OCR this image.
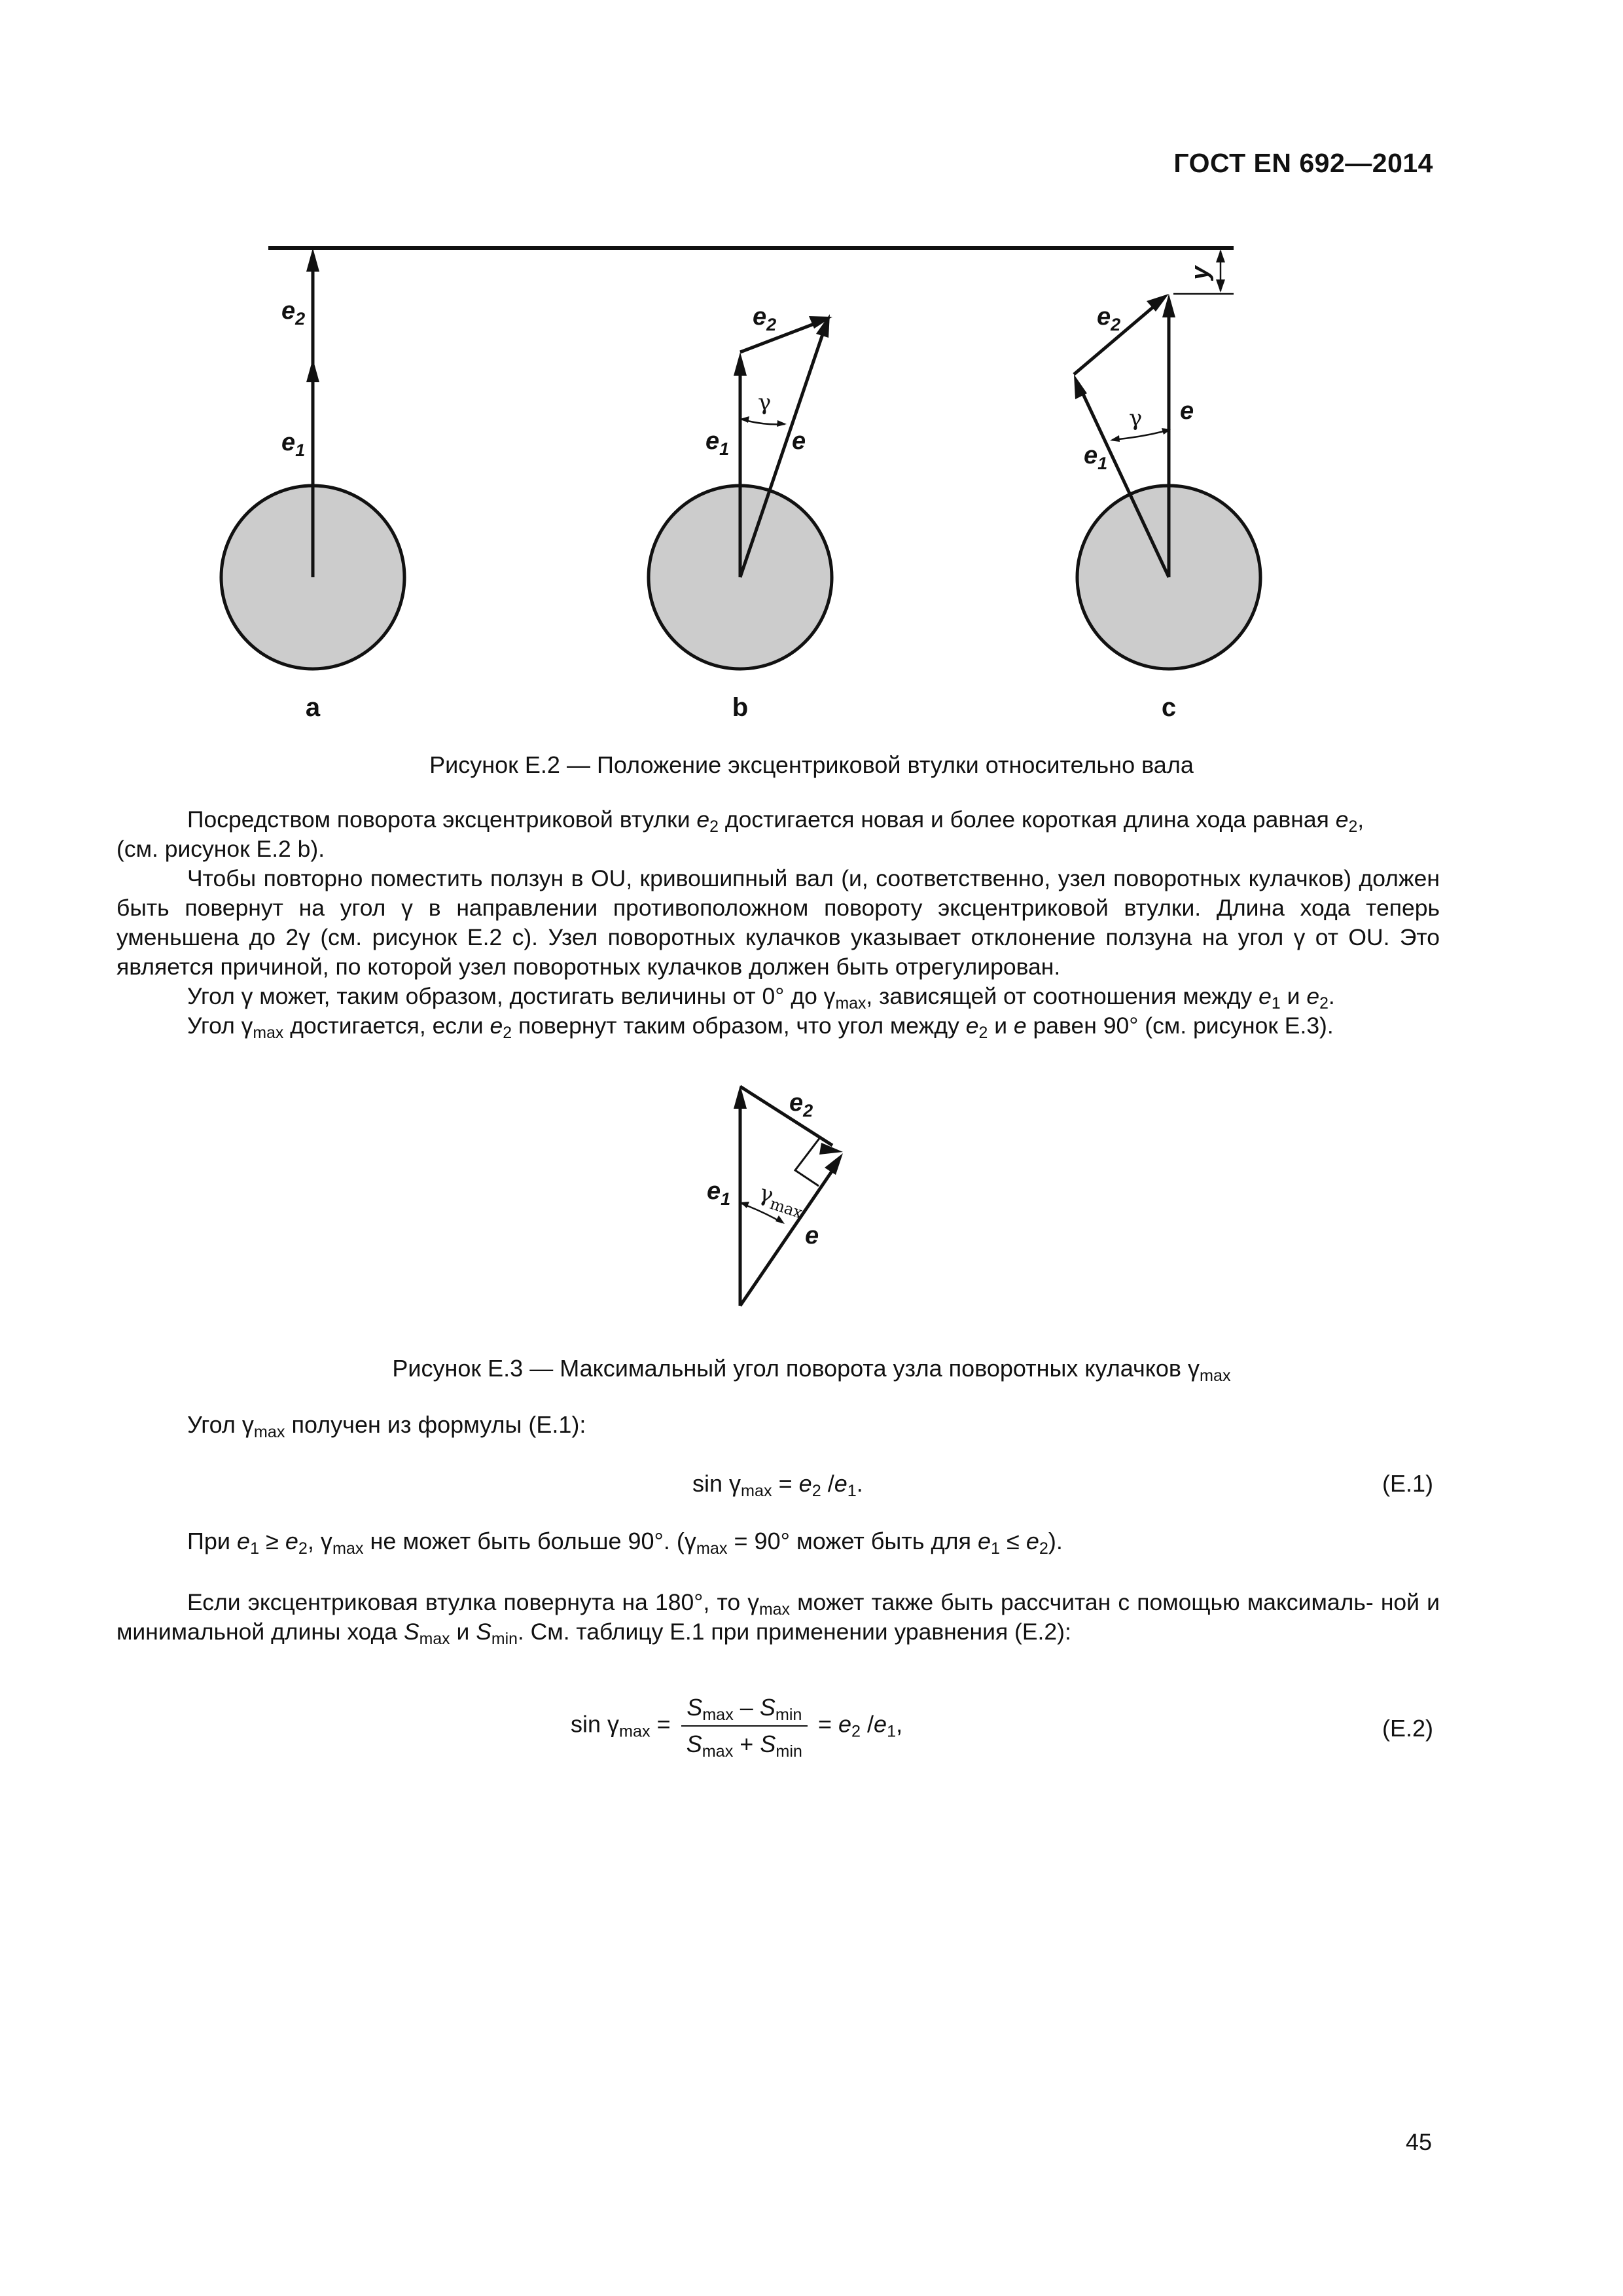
ГОСТ EN 692—2014
y
$e_2$
$e_1$
$e_2$
γ
$e_1$	e
$e_2$
γ e
$e_1$
a	b	c
Рисунок E.2 — Положение эксцентриковой втулки относительно вала

Посредством поворота эксцентриковой втулки $e_2$ достигается новая и более короткая длина хода равная $e_2$,

(см. рисунок E.2 b).

Чтобы повторно поместить ползун в OU, кривошипный вал (и, соответственно, узел поворотных кулачков) должен быть повернут на угол γ в направлении противоположном повороту эксцентриковой втулки. Длина хода теперь уменьшена до 2γ (см. рисунок E.2 c). Узел поворотных кулачков указывает отклонение ползуна на угол γ от OU. Это является причиной, по которой узел поворотных кулачков должен быть отрегулирован.

Угол γ может, таким образом, достигать величины от 0° до $\gamma_{max}$, зависящей от соотношения между $e_1$ и $e_2$.

Угол $\gamma_{max}$ достигается, если $e_2$ повернут таким образом, что угол между $e_2$ и e равен 90° (см. рисунок E.3).

$e_2$
$e_1$ $\gamma_{max}$
e
Рисунок E.3 — Максимальный угол поворота узла поворотных кулачков $\gamma_{max}$
Угол $\gamma_{max}$ получен из формулы (E.1):
$\sin \gamma_{max} = e_2$ $/e_1$.	(E.1)
При $e_1 \ge e_2$, $\gamma_{max}$ не может быть больше 90°. ($\gamma_{max} = 90^\circ$ может быть для $e_1 \le e_2$).

Если эксцентриковая втулка повернута на 180°, то $\gamma_{max}$ может также быть рассчитан с помощью максималь- ной и минимальной длины хода $S_{max}$ и $S_{min}$. См. таблицу E.1 при применении уравнения (E.2):

$\sin \gamma_{max} = \frac{S_{max} - S_{min}}{S_{max} + S_{min}} = e_2$ $/e_1$,	(E.2)
45
